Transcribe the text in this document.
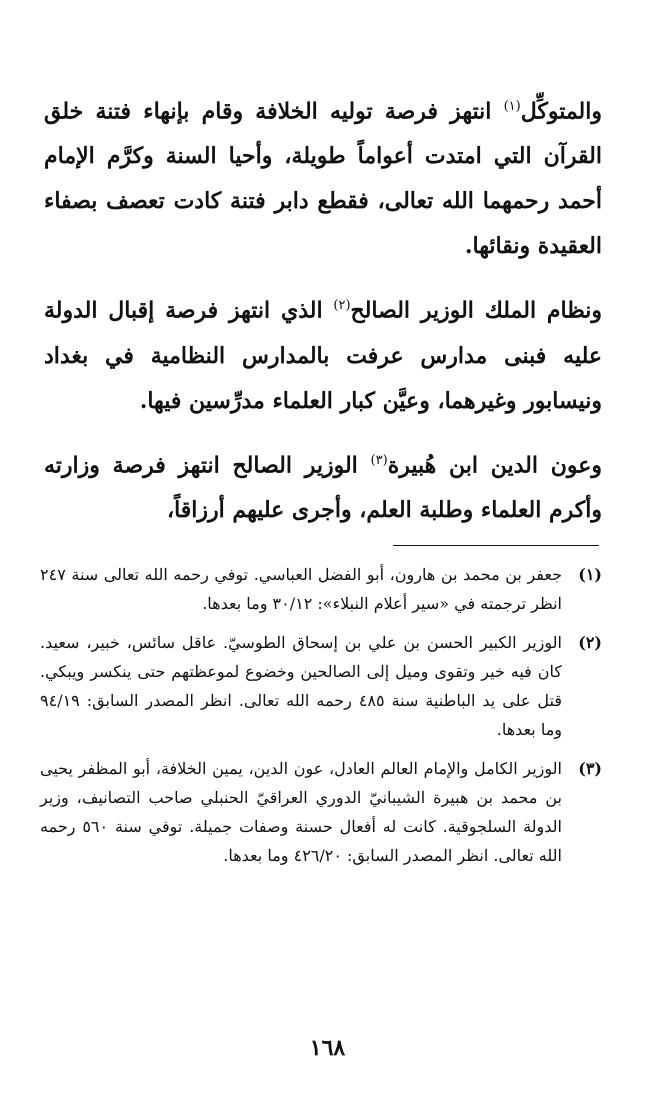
والمتوكِّل$^{(١)}$ انتهز فرصة توليه الخلافة وقام بإنهاء فتنة خلق القرآن التي امتدت أعواماً طويلة، وأحيا السنة وكرَّم الإمام أحمد رحمهما الله تعالى، فقطع دابر فتنة كادت تعصف بصفاء العقيدة ونقائها.

ونظام الملك الوزير الصالح$^{(٢)}$ الذي انتهز فرصة إقبال الدولة عليه فبنى مدارس عرفت بالمدارس النظامية في بغداد ونيسابور وغيرهما، وعيَّن كبار العلماء مدرِّسين فيها.

وعون الدين ابن هُبيرة$^{(٣)}$ الوزير الصالح انتهز فرصة وزارته وأكرم العلماء وطلبة العلم، وأجرى عليهم أرزاقاً،

(١)
جعفر بن محمد بن هارون، أبو الفضل العباسي. توفي رحمه الله تعالى سنة ٢٤٧ انظر ترجمته في «سير أعلام النبلاء»: ٣٠/١٢ وما بعدها.
(٢)
الوزير الكبير الحسن بن علي بن إسحاق الطوسيّ. عاقل سائس، خبير، سعيد. كان فيه خير وتقوى وميل إلى الصالحين وخضوع لموعظتهم حتى ينكسر ويبكي. قتل على يد الباطنية سنة ٤٨٥ رحمه الله تعالى. انظر المصدر السابق: ٩٤/١٩ وما بعدها.
(٣)
الوزير الكامل والإمام العالم العادل، عون الدين، يمين الخلافة، أبو المظفر يحيى بن محمد بن هبيرة الشيبانيّ الدوري العراقيّ الحنبلي صاحب التصانيف، وزير الدولة السلجوقية. كانت له أفعال حسنة وصفات جميلة. توفي سنة ٥٦٠ رحمه الله تعالى. انظر المصدر السابق: ٤٢٦/٢٠ وما بعدها.
١٦٨
